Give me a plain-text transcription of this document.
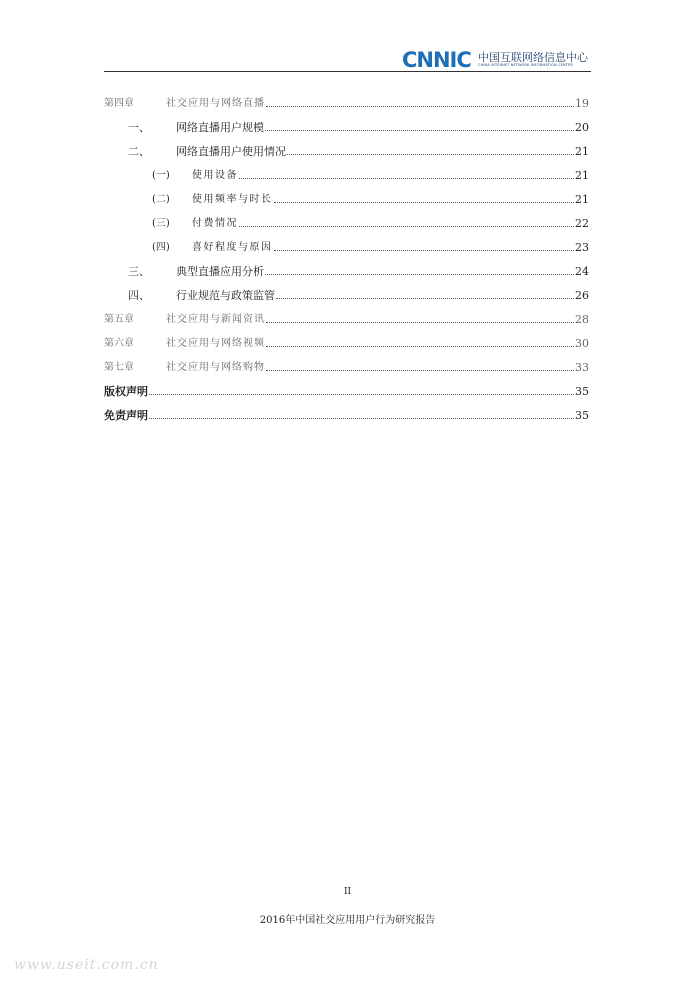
CNNIC 中国互联网络信息中心
CHINA INTERNET NETWORK INFORMATION CENTER
第四章	社交应用与网络直播	19
一、	网络直播用户规模	20
二、	网络直播用户使用情况	21
(一)	使用设备	21
(二)	使用频率与时长	21
(三)	付费情况	22
(四)	喜好程度与原因	23
三、	典型直播应用分析	24
四、	行业规范与政策监管	26
第五章	社交应用与新闻资讯	28
第六章	社交应用与网络视频	30
第七章	社交应用与网络购物	33
版权声明	35
免责声明	35
II
2016年中国社交应用用户行为研究报告
www.useit.com.cn
